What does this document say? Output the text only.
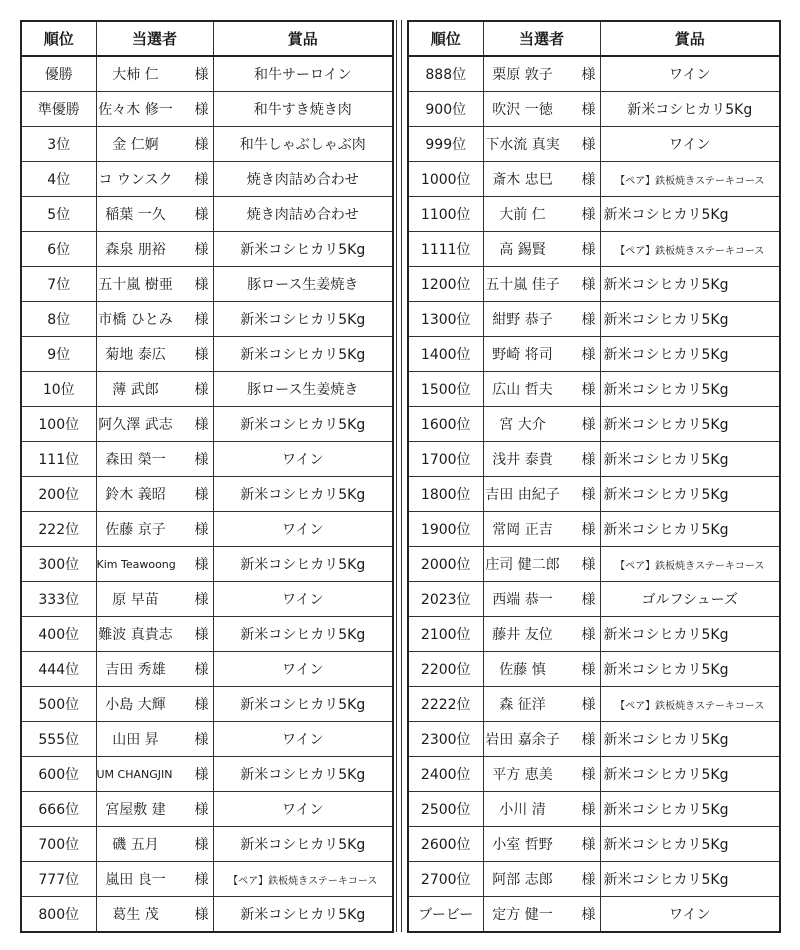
順位	当選者	賞品
優勝	大柿 仁 様	和牛サーロイン
準優勝	佐々木 修一 様	和牛すき焼き肉
3位	金 仁婀 様	和牛しゃぶしゃぶ肉
4位	コ ウンスク 様	焼き肉詰め合わせ
5位	稲葉 一久 様	焼き肉詰め合わせ
6位	森泉 朋裕 様	新米コシヒカリ5Kg
7位	五十嵐 樹亜 様	豚ロース生姜焼き
8位	市橋 ひとみ 様	新米コシヒカリ5Kg
9位	菊地 泰広 様	新米コシヒカリ5Kg
10位	薄 武郎 様	豚ロース生姜焼き
100位	阿久澤 武志 様	新米コシヒカリ5Kg
111位	森田 榮一 様	ワイン
200位	鈴木 義昭 様	新米コシヒカリ5Kg
222位	佐藤 京子 様	ワイン
300位	Kim Teawoong 様	新米コシヒカリ5Kg
333位	原 早苗 様	ワイン
400位	難波 真貴志 様	新米コシヒカリ5Kg
444位	吉田 秀雄 様	ワイン
500位	小島 大輝 様	新米コシヒカリ5Kg
555位	山田 昇 様	ワイン
600位	UM CHANGJIN 様	新米コシヒカリ5Kg
666位	宮屋敷 建 様	ワイン
700位	磯 五月 様	新米コシヒカリ5Kg
777位	嵐田 良一 様	【ペア】鉄板焼きステーキコース
800位	葛生 茂 様	新米コシヒカリ5Kg
順位	当選者	賞品
888位	栗原 敦子 様	ワイン
900位	吹沢 一徳 様	新米コシヒカリ5Kg
999位	下水流 真実 様	ワイン
1000位	斎木 忠巳 様	【ペア】鉄板焼きステーキコース
1100位	大前 仁 様	新米コシヒカリ5Kg
1111位	高 錫賢 様	【ペア】鉄板焼きステーキコース
1200位	五十嵐 佳子 様	新米コシヒカリ5Kg
1300位	紺野 恭子 様	新米コシヒカリ5Kg
1400位	野崎 将司 様	新米コシヒカリ5Kg
1500位	広山 哲夫 様	新米コシヒカリ5Kg
1600位	宮 大介 様	新米コシヒカリ5Kg
1700位	浅井 泰貴 様	新米コシヒカリ5Kg
1800位	吉田 由紀子 様	新米コシヒカリ5Kg
1900位	常岡 正吉 様	新米コシヒカリ5Kg
2000位	庄司 健二郎 様	【ペア】鉄板焼きステーキコース
2023位	西端 恭一 様	ゴルフシューズ
2100位	藤井 友位 様	新米コシヒカリ5Kg
2200位	佐藤 慎 様	新米コシヒカリ5Kg
2222位	森 征洋 様	【ペア】鉄板焼きステーキコース
2300位	岩田 嘉余子 様	新米コシヒカリ5Kg
2400位	平方 恵美 様	新米コシヒカリ5Kg
2500位	小川 清 様	新米コシヒカリ5Kg
2600位	小室 哲野 様	新米コシヒカリ5Kg
2700位	阿部 志郎 様	新米コシヒカリ5Kg
ブービー	定方 健一 様	ワイン
